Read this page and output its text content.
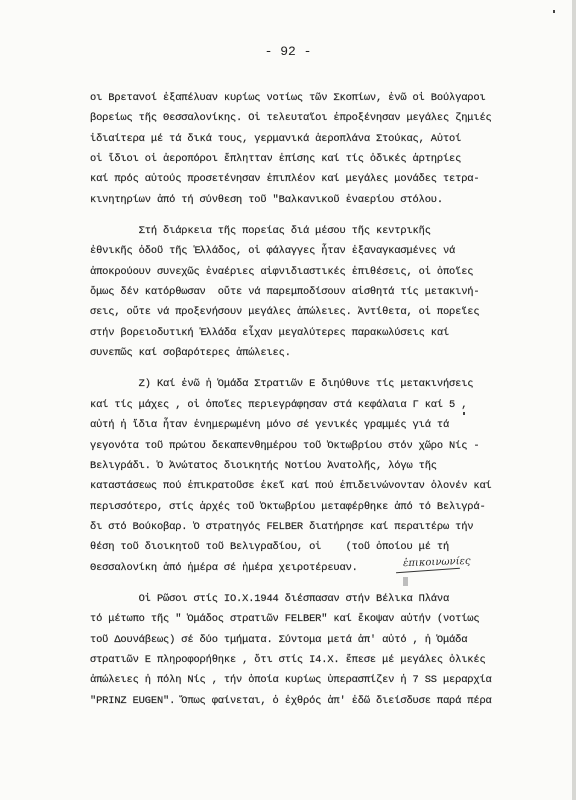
- 92 -
οι Βρετανοί ἐξαπέλυαν κυρίως νοτίως τῶν Σκοπίων, ἐνῶ οἱ Βούλγαροι
βορείως τῆς Θεσσαλονίκης. Οἱ τελευταῖοι ἐπροξένησαν μεγάλες ζημιές
ἰδιαίτερα μέ τά δικά τους, γερμανικά ἀεροπλάνα Στούκας, Αὐτοί
οἱ ἴδιοι οἱ ἀεροπόροι ἔπλητταν ἐπίσης καί τίς ὁδικές ἀρτηρίες
καί πρός αὐτούς προσετένησαν ἐπιπλέον καί μεγάλες μονάδες τετρα-
κινητηρίων ἀπό τή σύνθεση τοῦ "Βαλκανικοῦ ἐναερίου στόλου.
Στή διάρκεια τῆς πορείας διά μέσου τῆς κεντρικῆς
ἐθνικῆς ὁδοῦ τῆς Ἑλλάδος, οἱ φάλαγγες ἦταν ἐξαναγκασμένες νά
ἀποκρούουν συνεχῶς ἐναέριες αἰφνιδιαστικές ἐπιθέσεις, οἱ ὁποῖες
ὅμως δέν κατόρθωσαν  οὔτε νά παρεμποδίσουν αἰσθητά τίς μετακινή-
σεις, οὔτε νά προξενήσουν μεγάλες ἀπώλειες. Ἀντίθετα, οἱ πορεῖες
στήν βορειοδυτική Ἑλλάδα εἶχαν μεγαλύτερες παρακωλύσεις καί
συνεπῶς καί σοβαρότερες ἀπώλειες.
Ζ) Καί ἐνῶ ἡ Ὁμάδα Στρατιῶν Ε διηύθυνε τίς μετακινήσεις
καί τίς μάχες , οἱ ὁποῖες περιεγράφησαν στά κεφάλαια Γ καί 5 ,
αὐτή ἡ ἴδια ἦταν ἐνημερωμένη μόνο σέ γενικές γραμμές γιά τά
γεγονότα τοῦ πρώτου δεκαπενθημέρου τοῦ Ὀκτωβρίου στόν χῶρο Νίς -
Βελιγράδι. Ὁ Ἀνώτατος διοικητής Νοτίου Ἀνατολῆς, λόγω τῆς
καταστάσεως πού ἐπικρατοῦσε ἐκεῖ καί πού ἐπιδεινώνονταν ὁλονέν καί
περισσότερο, στίς ἀρχές τοῦ Ὀκτωβρίου μεταφέρθηκε ἀπό τό Βελιγρά-
δι στό Βούκοβαρ. Ὁ στρατηγός FELBER διατήρησε καί περαιτέρω τήν
θέση τοῦ διοικητοῦ τοῦ Βελιγραδίου, οἱ    (τοῦ ὁποίου μέ τή
Θεσσαλονίκη ἀπό ἡμέρα σέ ἡμέρα χειροτέρευαν.
Οἱ Ρῶσοι στίς ΙΟ.Χ.1944 διέσπασαν στήν Βέλικα Πλάνα
τό μέτωπο τῆς " Ὁμάδος στρατιῶν FELBER" καί ἔκοψαν αὐτήν (νοτίως
τοῦ Δουνάβεως) σέ δύο τμήματα. Σύντομα μετά ἀπ' αὐτό , ἡ Ὁμάδα
στρατιῶν Ε πληροφορήθηκε , ὅτι στίς Ι4.Χ. ἔπεσε μέ μεγάλες ὁλικές
ἀπώλειες ἡ πόλη Νίς , τήν ὁποία κυρίως ὑπερασπίζεν ἡ 7 SS μεραρχία
"PRINZ EUGEN". Ὅπως φαίνεται, ὁ ἐχθρός ἀπ' ἐδῶ διείσδυσε παρά πέρα
ἐπικοινωνίες
